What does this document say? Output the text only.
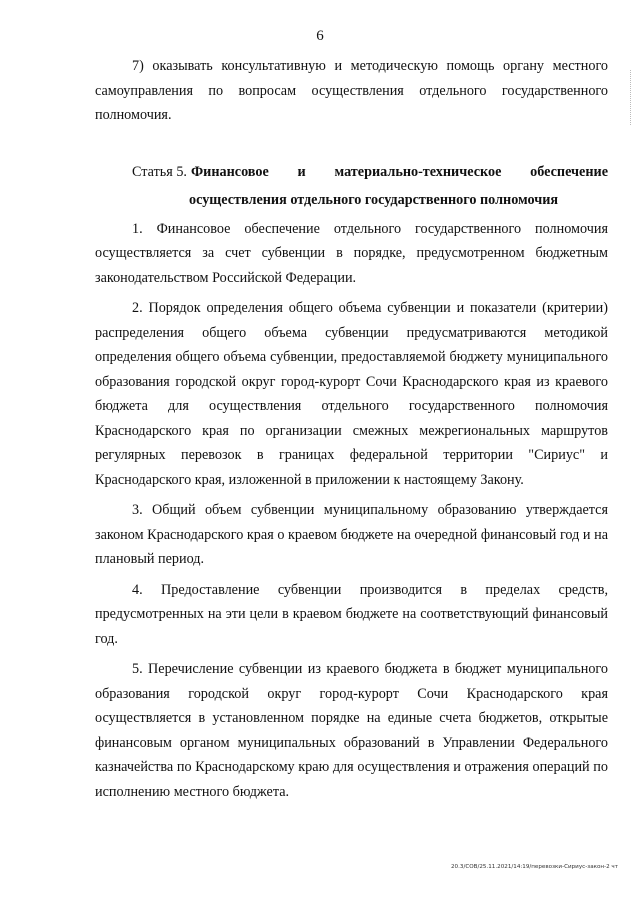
6

7) оказывать консультативную и методическую помощь органу местного самоуправления по вопросам осуществления отдельного государственного полномочия.

Статья 5. Финансовое и материально-техническое обеспечение
осуществления отдельного государственного полномочия

1. Финансовое обеспечение отдельного государственного полномочия осуществляется за счет субвенции в порядке, предусмотренном бюджетным законодательством Российской Федерации.

2. Порядок определения общего объема субвенции и показатели (критерии) распределения общего объема субвенции предусматриваются методикой определения общего объема субвенции, предоставляемой бюджету муниципального образования городской округ город-курорт Сочи Краснодарского края из краевого бюджета для осуществления отдельного государственного полномочия Краснодарского края по организации смежных межрегиональных маршрутов регулярных перевозок в границах федеральной территории "Сириус" и Краснодарского края, изложенной в приложении к настоящему Закону.

3. Общий объем субвенции муниципальному образованию утверждается законом Краснодарского края о краевом бюджете на очередной финансовый год и на плановый период.

4. Предоставление субвенции производится в пределах средств, предусмотренных на эти цели в краевом бюджете на соответствующий финансовый год.

5. Перечисление субвенции из краевого бюджета в бюджет муниципального образования городской округ город-курорт Сочи Краснодарского края осуществляется в установленном порядке на единые счета бюджетов, открытые финансовым органом муниципальных образований в Управлении Федерального казначейства по Краснодарскому краю для осуществления и отражения операций по исполнению местного бюджета.

20.3/СОВ/25.11.2021/14:19/перевозки-Сириус-закон-2 чт
